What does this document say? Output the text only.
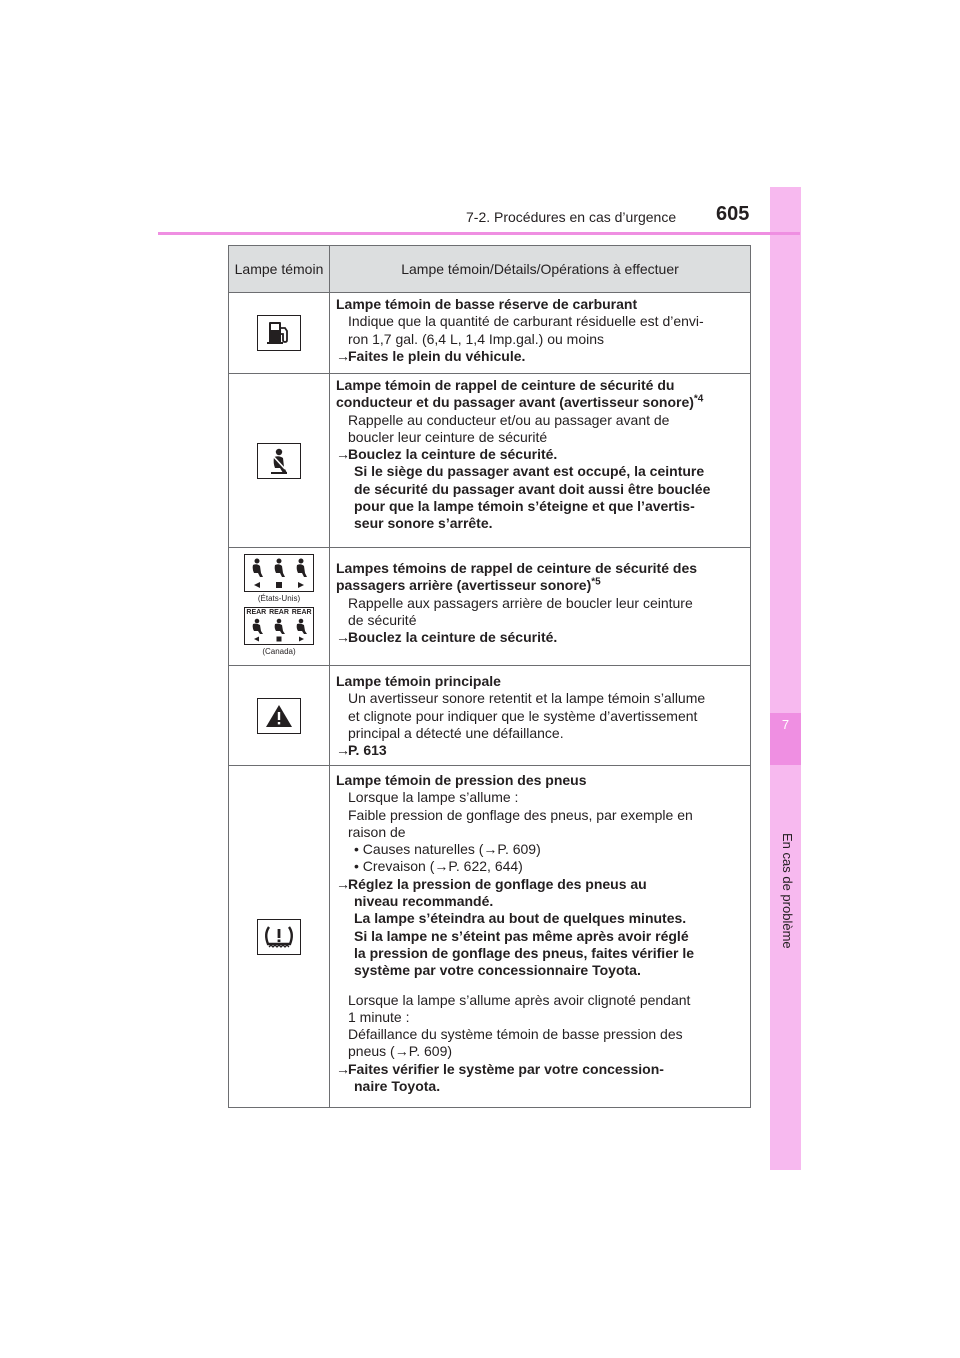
7
En cas de problème
7-2. Procédures en cas d’urgence 605
Lampe témoin	Lampe témoin/Détails/Opérations à effectuer

Lampe témoin de basse réserve de carburant

Indique que la quantité de carburant résiduelle est d’envi-

ron 1,7 gal. (6,4 L, 1,4 Imp.gal.) ou moins

→
Faites le plein du véhicule.

Lampe témoin de rappel de ceinture de sécurité du

conducteur et du passager avant (avertisseur sonore)$^{*4}$

Rappelle au conducteur et/ou au passager avant de

boucler leur ceinture de sécurité

→
Bouclez la ceinture de sécurité.

Si le siège du passager avant est occupé, la ceinture

de sécurité du passager avant doit aussi être bouclée

pour que la lampe témoin s’éteigne et que l’avertis-

seur sonore s’arrête.

(États-Unis)
REAR REAR REAR
(Canada)

Lampes témoins de rappel de ceinture de sécurité des

passagers arrière (avertisseur sonore)$^{*5}$

Rappelle aux passagers arrière de boucler leur ceinture

de sécurité

→
Bouclez la ceinture de sécurité.

Lampe témoin principale

Un avertisseur sonore retentit et la lampe témoin s’allume

et clignote pour indiquer que le système d’avertissement

principal a détecté une défaillance.

→
P. 613

Lampe témoin de pression des pneus

Lorsque la lampe s’allume :

Faible pression de gonflage des pneus, par exemple en

raison de

• Causes naturelles (→P. 609)

• Crevaison (→P. 622, 644)

→
Réglez la pression de gonflage des pneus au

niveau recommandé.

La lampe s’éteindra au bout de quelques minutes.

Si la lampe ne s’éteint pas même après avoir réglé

la pression de gonflage des pneus, faites vérifier le

système par votre concessionnaire Toyota.

Lorsque la lampe s’allume après avoir clignoté pendant

1 minute :

Défaillance du système témoin de basse pression des

pneus (→P. 609)

→
Faites vérifier le système par votre concession-

naire Toyota.
